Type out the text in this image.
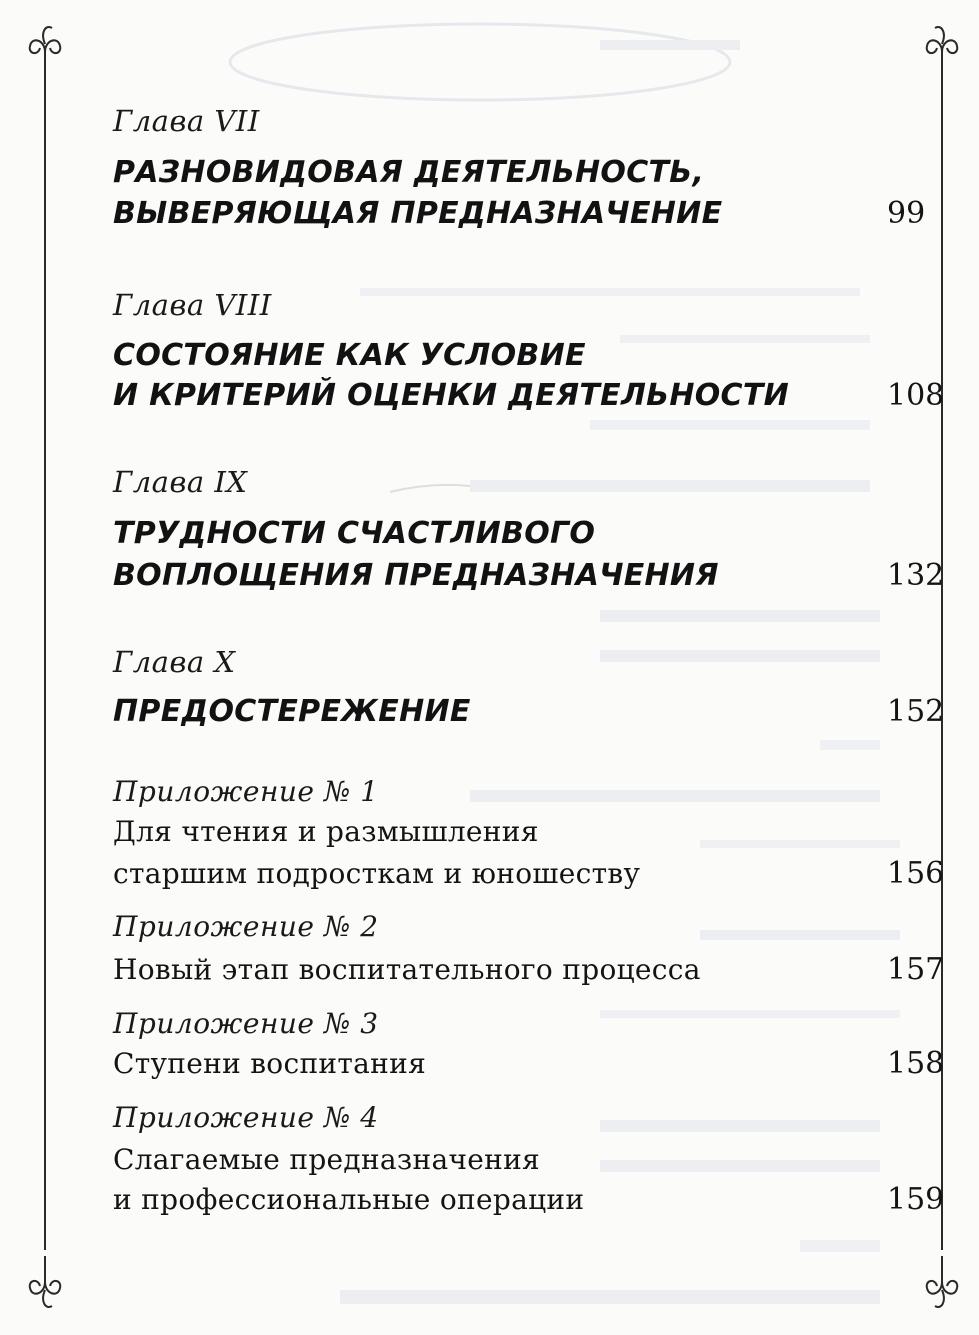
Глава VII
РАЗНОВИДОВАЯ ДЕЯТЕЛЬНОСТЬ,
ВЫВЕРЯЮЩАЯ ПРЕДНАЗНАЧЕНИЕ	99
Глава VIII
СОСТОЯНИЕ КАК УСЛОВИЕ
И КРИТЕРИЙ ОЦЕНКИ ДЕЯТЕЛЬНОСТИ	108
Глава IX
ТРУДНОСТИ СЧАСТЛИВОГО
ВОПЛОЩЕНИЯ ПРЕДНАЗНАЧЕНИЯ	132
Глава X
ПРЕДОСТЕРЕЖЕНИЕ	152
Приложение № 1
Для чтения и размышления
старшим подросткам и юношеству	156
Приложение № 2
Новый этап воспитательного процесса	157
Приложение № 3
Ступени воспитания	158
Приложение № 4
Слагаемые предназначения
и профессиональные операции	159
